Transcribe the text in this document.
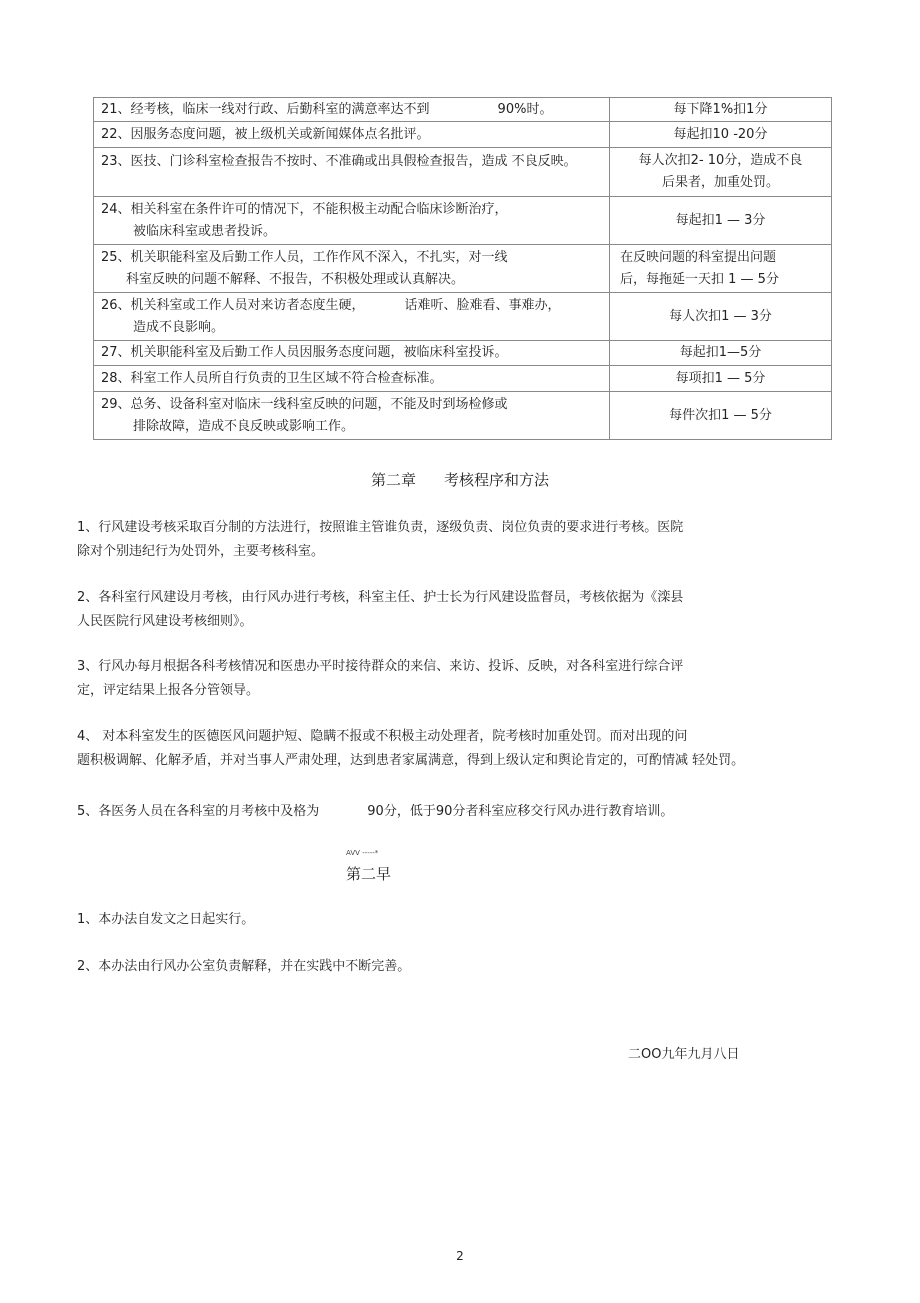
21、经考核，临床一线对行政、后勤科室的满意率达不到 90%时。	每下降1%扣1分

22、因服务态度问题，被上级机关或新闻媒体点名批评。	每起扣10 -20分

23、医技、门诊科室检查报告不按时、不准确或出具假检查报告，造成 不良反映。	每人次扣2- 10分，造成不良
后果者，加重处罚。

24、相关科室在条件许可的情况下，不能积极主动配合临床诊断治疗，
被临床科室或患者投诉。	每起扣1 — 3分

25、机关职能科室及后勤工作人员，工作作风不深入，不扎实，对一线
科室反映的问题不解释、不报告，不积极处理或认真解决。	在反映问题的科室提出问题
后，每拖延一天扣 1 — 5分

26、机关科室或工作人员对来访者态度生硬， 话难听、脸难看、事难办，
造成不良影响。	每人次扣1 — 3分

27、机关职能科室及后勤工作人员因服务态度问题，被临床科室投诉。	每起扣1—5分

28、科室工作人员所自行负责的卫生区域不符合检查标准。	每项扣1 — 5分

29、总务、设备科室对临床一线科室反映的问题，不能及时到场检修或
排除故障，造成不良反映或影响工作。	每件次扣1 — 5分
第二章 考核程序和方法
1、行风建设考核采取百分制的方法进行，按照谁主管谁负责，逐级负责、岗位负责的要求进行考核。医院
除对个别违纪行为处罚外，主要考核科室。
2、各科室行风建设月考核，由行风办进行考核，科室主任、护士长为行风建设监督员，考核依据为《滦县
人民医院行风建设考核细则》。
3、行风办每月根据各科考核情况和医患办平时接待群众的来信、来访、投诉、反映，对各科室进行综合评
定，评定结果上报各分管领导。
4、 对本科室发生的医德医风问题护短、隐瞒不报或不积极主动处理者，院考核时加重处罚。而对出现的问
题积极调解、化解矛盾，并对当事人严肃处理，达到患者家属满意，得到上级认定和舆论肯定的，可酌情减 轻处罚。
5、各医务人员在各科室的月考核中及格为	90分，低于90分者科室应移交行风办进行教育培训。
AVV -----*
第二早
1、本办法自发文之日起实行。
2、本办法由行风办公室负责解释，并在实践中不断完善。
二OO九年九月八日
2
